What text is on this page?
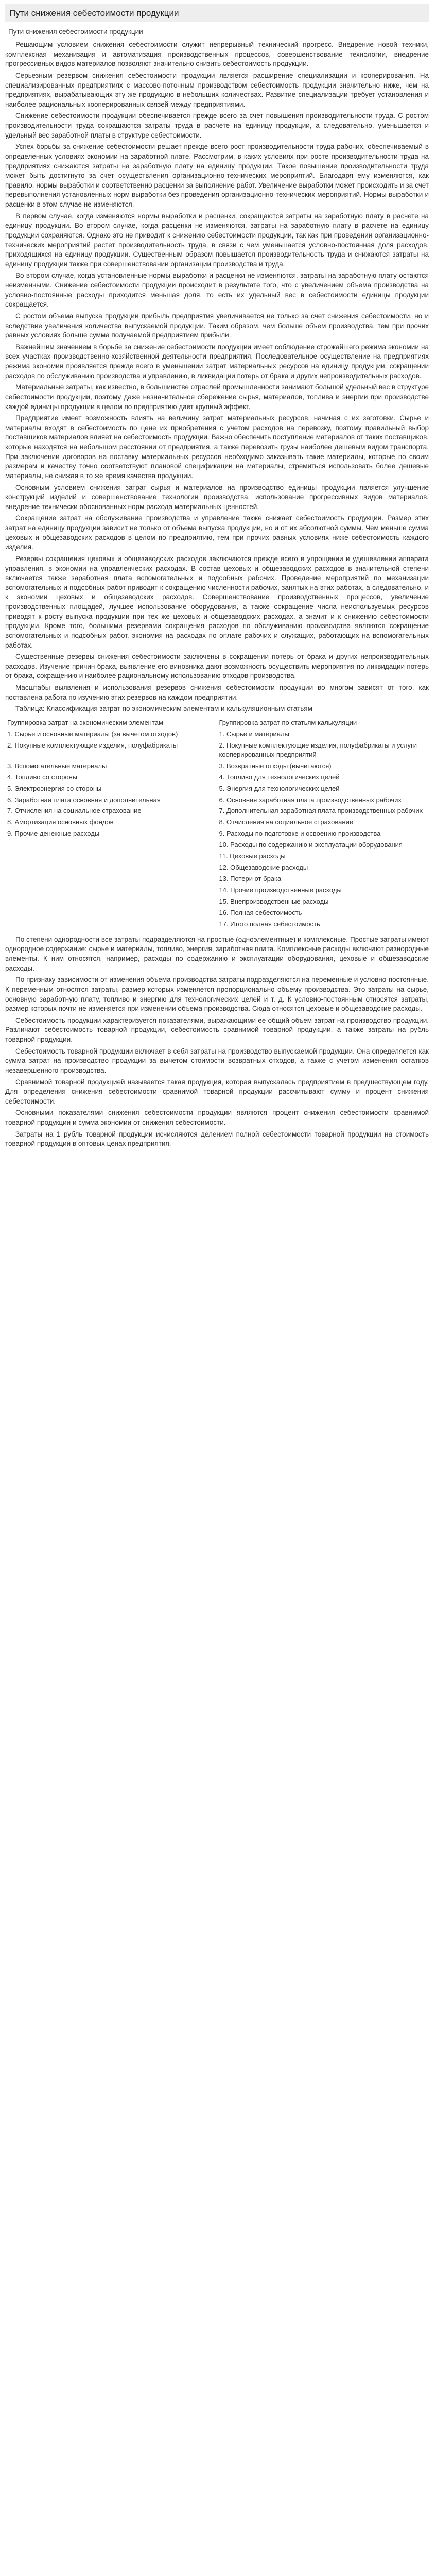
Пути снижения себестоимости продукции
Пути снижения себестоимости продукции

Решающим условием снижения себестоимости служит непрерывный технический прогресс. Внедрение новой техники, комплексная механизация и автоматизация производственных процессов, совершенствование технологии, внедрение прогрессивных видов материалов позволяют значительно снизить себестоимость продукции.

Серьезным резервом снижения себестоимости продукции является расширение специализации и кооперирования. На специализированных предприятиях с массово-поточным производством себестоимость продукции значительно ниже, чем на предприятиях, вырабатывающих эту же продукцию в небольших количествах. Развитие специализации требует установления и наиболее рациональных кооперированных связей между предприятиями.

Снижение себестоимости продукции обеспечивается прежде всего за счет повышения производительности труда. С ростом производительности труда сокращаются затраты труда в расчете на единицу продукции, а следовательно, уменьшается и удельный вес заработной платы в структуре себестоимости.

Успех борьбы за снижение себестоимости решает прежде всего рост производительности труда рабочих, обеспечиваемый в определенных условиях экономии на заработной плате. Рассмотрим, в каких условиях при росте производительности труда на предприятиях снижаются затраты на заработную плату на единицу продукции. Такое повышение производительности труда может быть достигнуто за счет осуществления организационно-технических мероприятий. Благодаря ему изменяются, как правило, нормы выработки и соответственно расценки за выполнение работ. Увеличение выработки может происходить и за счет перевыполнения установленных норм выработки без проведения организационно-технических мероприятий. Нормы выработки и расценки в этом случае не изменяются.

В первом случае, когда изменяются нормы выработки и расценки, сокращаются затраты на заработную плату в расчете на единицу продукции. Во втором случае, когда расценки не изменяются, затраты на заработную плату в расчете на единицу продукции сохраняются. Однако это не приводит к снижению себестоимости продукции, так как при проведении организационно-технических мероприятий растет производительность труда, в связи с чем уменьшается условно-постоянная доля расходов, приходящихся на единицу продукции. Существенным образом повышается производительность труда и снижаются затраты на единицу продукции также при совершенствовании организации производства и труда.

Во втором случае, когда установленные нормы выработки и расценки не изменяются, затраты на заработную плату остаются неизменными. Снижение себестоимости продукции происходит в результате того, что с увеличением объема производства на условно-постоянные расходы приходится меньшая доля, то есть их удельный вес в себестоимости единицы продукции сокращается.

С ростом объема выпуска продукции прибыль предприятия увеличивается не только за счет снижения себестоимости, но и вследствие увеличения количества выпускаемой продукции. Таким образом, чем больше объем производства, тем при прочих равных условиях больше сумма получаемой предприятием прибыли.

Важнейшим значением в борьбе за снижение себестоимости продукции имеет соблюдение строжайшего режима экономии на всех участках производственно-хозяйственной деятельности предприятия. Последовательное осуществление на предприятиях режима экономии проявляется прежде всего в уменьшении затрат материальных ресурсов на единицу продукции, сокращении расходов по обслуживанию производства и управлению, в ликвидации потерь от брака и других непроизводительных расходов.

Материальные затраты, как известно, в большинстве отраслей промышленности занимают большой удельный вес в структуре себестоимости продукции, поэтому даже незначительное сбережение сырья, материалов, топлива и энергии при производстве каждой единицы продукции в целом по предприятию дает крупный эффект.

Предприятие имеет возможность влиять на величину затрат материальных ресурсов, начиная с их заготовки. Сырье и материалы входят в себестоимость по цене их приобретения с учетом расходов на перевозку, поэтому правильный выбор поставщиков материалов влияет на себестоимость продукции. Важно обеспечить поступление материалов от таких поставщиков, которые находятся на небольшом расстоянии от предприятия, а также перевозить грузы наиболее дешевым видом транспорта. При заключении договоров на поставку материальных ресурсов необходимо заказывать такие материалы, которые по своим размерам и качеству точно соответствуют плановой спецификации на материалы, стремиться использовать более дешевые материалы, не снижая в то же время качества продукции.

Основным условием снижения затрат сырья и материалов на производство единицы продукции является улучшение конструкций изделий и совершенствование технологии производства, использование прогрессивных видов материалов, внедрение технически обоснованных норм расхода материальных ценностей.

Сокращение затрат на обслуживание производства и управление также снижает себестоимость продукции. Размер этих затрат на единицу продукции зависит не только от объема выпуска продукции, но и от их абсолютной суммы. Чем меньше сумма цеховых и общезаводских расходов в целом по предприятию, тем при прочих равных условиях ниже себестоимость каждого изделия.

Резервы сокращения цеховых и общезаводских расходов заключаются прежде всего в упрощении и удешевлении аппарата управления, в экономии на управленческих расходах. В состав цеховых и общезаводских расходов в значительной степени включается также заработная плата вспомогательных и подсобных рабочих. Проведение мероприятий по механизации вспомогательных и подсобных работ приводит к сокращению численности рабочих, занятых на этих работах, а следовательно, и к экономии цеховых и общезаводских расходов. Совершенствование производственных процессов, увеличение производственных площадей, лучшее использование оборудования, а также сокращение числа неиспользуемых ресурсов приводят к росту выпуска продукции при тех же цеховых и общезаводских расходах, а значит и к снижению себестоимости продукции. Кроме того, большими резервами сокращения расходов по обслуживанию производства являются сокращение вспомогательных и подсобных работ, экономия на расходах по оплате рабочих и служащих, работающих на вспомогательных работах.

Существенные резервы снижения себестоимости заключены в сокращении потерь от брака и других непроизводительных расходов. Изучение причин брака, выявление его виновника дают возможность осуществить мероприятия по ликвидации потерь от брака, сокращению и наиболее рациональному использованию отходов производства.

Масштабы выявления и использования резервов снижения себестоимости продукции во многом зависят от того, как поставлена работа по изучению этих резервов на каждом предприятии.

Таблица: Классификация затрат по экономическим элементам и калькуляционным статьям

Группировка затрат на экономическим элементам	Группировка затрат по статьям калькуляции
1. Сырье и основные материалы (за вычетом отходов)	1. Сырье и материалы
2. Покупные комплектующие изделия, полуфабрикаты	2. Покупные комплектующие изделия, полуфабрикаты и услуги кооперированных предприятий
3. Вспомогательные материалы	3. Возвратные отходы (вычитаются)
4. Топливо со стороны	4. Топливо для технологических целей
5. Электроэнергия со стороны	5. Энергия для технологических целей
6. Заработная плата основная и дополнительная	6. Основная заработная плата производственных рабочих
7. Отчисления на социальное страхование	7. Дополнительная заработная плата производственных рабочих
8. Амортизация основных фондов	8. Отчисления на социальное страхование
9. Прочие денежные расходы	9. Расходы по подготовке и освоению производства
	10. Расходы по содержанию и эксплуатации оборудования
	11. Цеховые расходы
	12. Общезаводские расходы
	13. Потери от брака
	14. Прочие производственные расходы
	15. Внепроизводственные расходы
	16. Полная себестоимость
	17. Итого полная себестоимость

По степени однородности все затраты подразделяются на простые (одноэлементные) и комплексные. Простые затраты имеют однородное содержание: сырье и материалы, топливо, энергия, заработная плата. Комплексные расходы включают разнородные элементы. К ним относятся, например, расходы по содержанию и эксплуатации оборудования, цеховые и общезаводские расходы.

По признаку зависимости от изменения объема производства затраты подразделяются на переменные и условно-постоянные. К переменным относятся затраты, размер которых изменяется пропорционально объему производства. Это затраты на сырье, основную заработную плату, топливо и энергию для технологических целей и т. д. К условно-постоянным относятся затраты, размер которых почти не изменяется при изменении объема производства. Сюда относятся цеховые и общезаводские расходы.

Себестоимость продукции характеризуется показателями, выражающими ее общий объем затрат на производство продукции. Различают себестоимость товарной продукции, себестоимость сравнимой товарной продукции, а также затраты на рубль товарной продукции.

Себестоимость товарной продукции включает в себя затраты на производство выпускаемой продукции. Она определяется как сумма затрат на производство продукции за вычетом стоимости возвратных отходов, а также с учетом изменения остатков незавершенного производства.

Сравнимой товарной продукцией называется такая продукция, которая выпускалась предприятием в предшествующем году. Для определения снижения себестоимости сравнимой товарной продукции рассчитывают сумму и процент снижения себестоимости.

Основными показателями снижения себестоимости продукции являются процент снижения себестоимости сравнимой товарной продукции и сумма экономии от снижения себестоимости.

Затраты на 1 рубль товарной продукции исчисляются делением полной себестоимости товарной продукции на стоимость товарной продукции в оптовых ценах предприятия.
